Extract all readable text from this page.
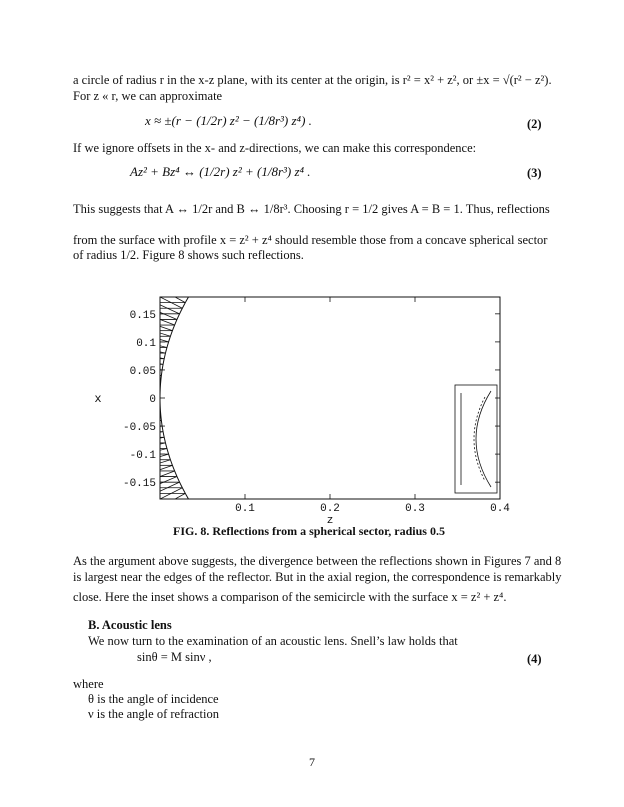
a circle of radius r in the x-z plane, with its center at the origin, is r² = x² + z², or ±x = √(r² − z²).
For z « r, we can approximate
x ≈ ±(r − (1/2r) z² − (1/8r³) z⁴) .	(2)
If we ignore offsets in the x- and z-directions, we can make this correspondence:
Az² + Bz⁴ ↔ (1/2r) z² + (1/8r³) z⁴ .	(3)
This suggests that A ↔ 1/2r and B ↔ 1/8r³. Choosing r = 1/2 gives A = B = 1. Thus, reflections
from the surface with profile x = z² + z⁴ should resemble those from a concave spherical sector
of radius 1/2. Figure 8 shows such reflections.
0.15
0.1
0.05
0
-0.05
-0.1
-0.15
0.1	0.2	0.3	0.4
z
x
FIG. 8. Reflections from a spherical sector, radius 0.5
As the argument above suggests, the divergence between the reflections shown in Figures 7 and 8
is largest near the edges of the reflector. But in the axial region, the correspondence is remarkably
close. Here the inset shows a comparison of the semicircle with the surface x = z² + z⁴.
B. Acoustic lens
We now turn to the examination of an acoustic lens. Snell’s law holds that
sinθ = M sinν ,	(4)
where
θ is the angle of incidence
ν is the angle of refraction
7
